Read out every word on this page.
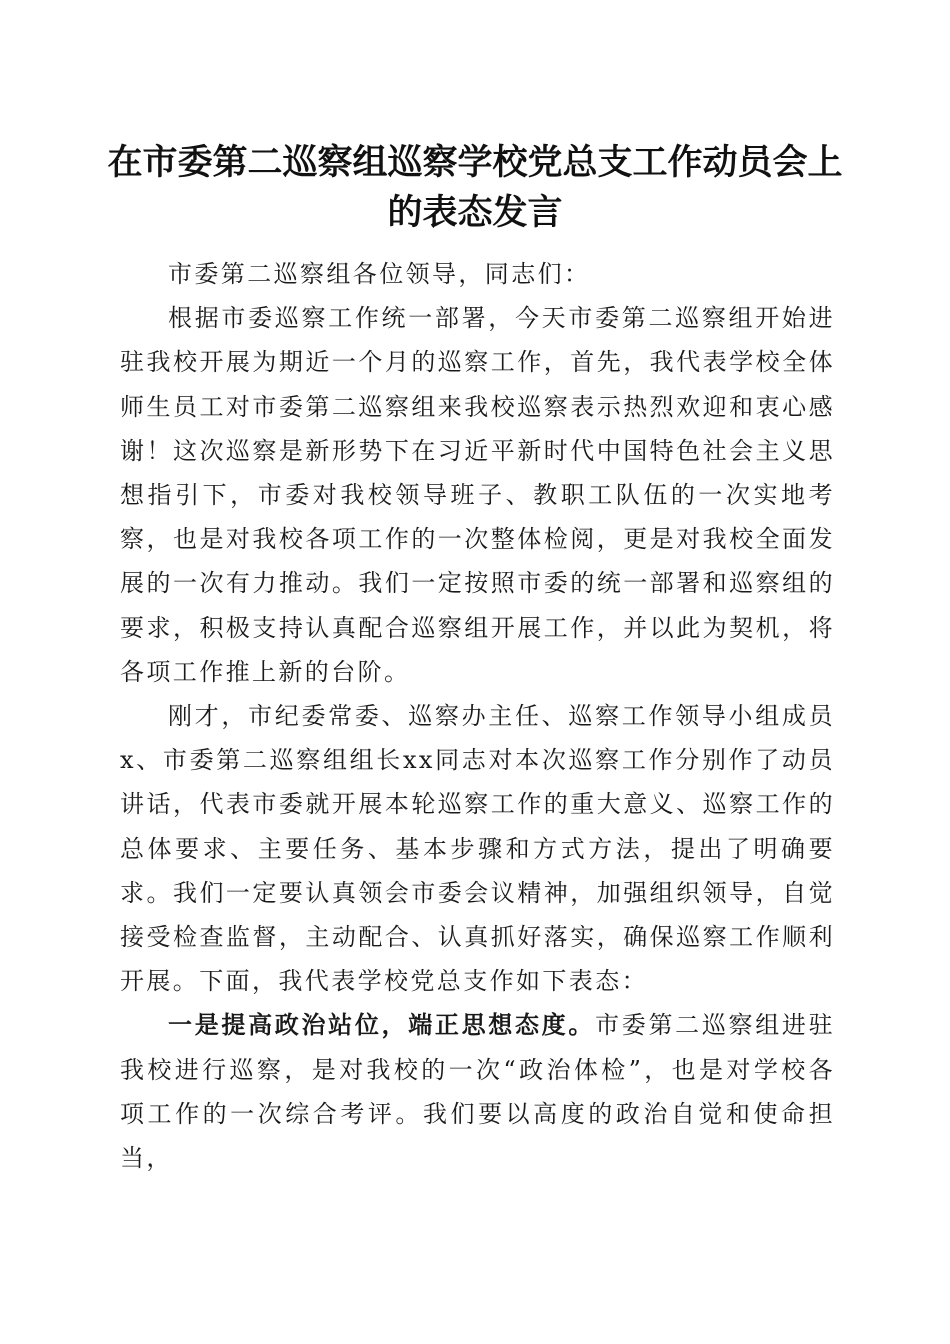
在市委第二巡察组巡察学校党总支工作动员会上的表态发言

市委第二巡察组各位领导，同志们：

根据市委巡察工作统一部署，今天市委第二巡察组开始进驻我校开展为期近一个月的巡察工作，首先，我代表学校全体师生员工对市委第二巡察组来我校巡察表示热烈欢迎和衷心感谢！这次巡察是新形势下在习近平新时代中国特色社会主义思想指引下，市委对我校领导班子、教职工队伍的一次实地考察，也是对我校各项工作的一次整体检阅，更是对我校全面发展的一次有力推动。我们一定按照市委的统一部署和巡察组的要求，积极支持认真配合巡察组开展工作，并以此为契机，将各项工作推上新的台阶。

刚才，市纪委常委、巡察办主任、巡察工作领导小组成员x、市委第二巡察组组长xx同志对本次巡察工作分别作了动员讲话，代表市委就开展本轮巡察工作的重大意义、巡察工作的总体要求、主要任务、基本步骤和方式方法，提出了明确要求。我们一定要认真领会市委会议精神，加强组织领导，自觉接受检查监督，主动配合、认真抓好落实，确保巡察工作顺利开展。下面，我代表学校党总支作如下表态：

一是提高政治站位，端正思想态度。市委第二巡察组进驻我校进行巡察，是对我校的一次“政治体检”，也是对学校各项工作的一次综合考评。我们要以高度的政治自觉和使命担当，
